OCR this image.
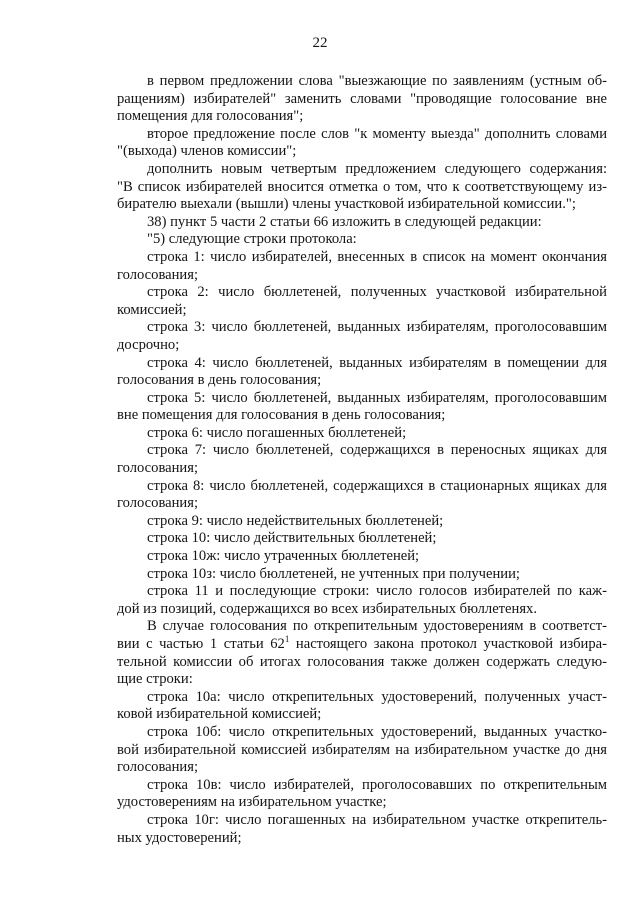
22
в первом предложении слова "выезжающие по заявлениям (устным об-
ращениям) избирателей" заменить словами "проводящие голосование вне
помещения для голосования";
второе предложение после слов "к моменту выезда" дополнить словами
"(выхода) членов комиссии";
дополнить новым четвертым предложением следующего содержания:
"В список избирателей вносится отметка о том, что к соответствующему из-
бирателю выехали (вышли) члены участковой избирательной комиссии.";
38) пункт 5 части 2 статьи 66 изложить в следующей редакции:
"5) следующие строки протокола:
строка 1: число избирателей, внесенных в список на момент окончания
голосования;
строка 2: число бюллетеней, полученных участковой избирательной
комиссией;
строка 3: число бюллетеней, выданных избирателям, проголосовавшим
досрочно;
строка 4: число бюллетеней, выданных избирателям в помещении для
голосования в день голосования;
строка 5: число бюллетеней, выданных избирателям, проголосовавшим
вне помещения для голосования в день голосования;
строка 6: число погашенных бюллетеней;
строка 7: число бюллетеней, содержащихся в переносных ящиках для
голосования;
строка 8: число бюллетеней, содержащихся в стационарных ящиках для
голосования;
строка 9: число недействительных бюллетеней;
строка 10: число действительных бюллетеней;
строка 10ж: число утраченных бюллетеней;
строка 10з: число бюллетеней, не учтенных при получении;
строка 11 и последующие строки: число голосов избирателей по каж-
дой из позиций, содержащихся во всех избирательных бюллетенях.
В случае голосования по открепительным удостоверениям в соответст-
вии с частью 1 статьи $62^1$ настоящего закона протокол участковой избира-
тельной комиссии об итогах голосования также должен содержать следую-
щие строки:
строка 10а: число открепительных удостоверений, полученных участ-
ковой избирательной комиссией;
строка 10б: число открепительных удостоверений, выданных участко-
вой избирательной комиссией избирателям на избирательном участке до дня
голосования;
строка 10в: число избирателей, проголосовавших по открепительным
удостоверениям на избирательном участке;
строка 10г: число погашенных на избирательном участке открепитель-
ных удостоверений;
